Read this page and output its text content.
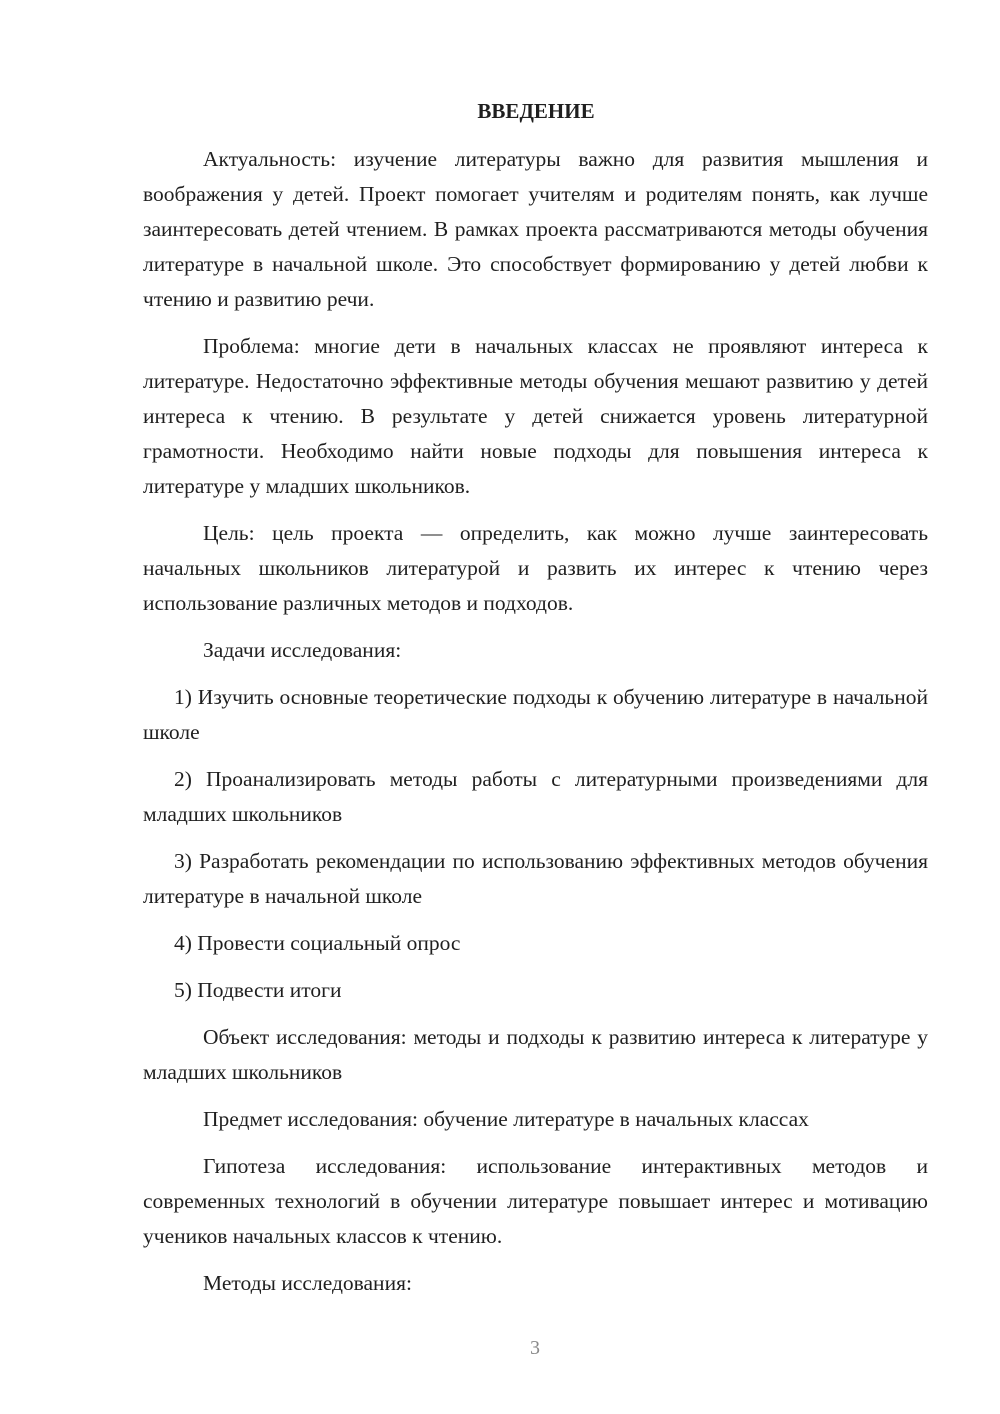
ВВЕДЕНИЕ

Актуальность: изучение литературы важно для развития мышления и воображения у детей. Проект помогает учителям и родителям понять, как лучше заинтересовать детей чтением. В рамках проекта рассматриваются методы обучения литературе в начальной школе. Это способствует формированию у детей любви к чтению и развитию речи.

Проблема: многие дети в начальных классах не проявляют интереса к литературе. Недостаточно эффективные методы обучения мешают развитию у детей интереса к чтению. В результате у детей снижается уровень литературной грамотности. Необходимо найти новые подходы для повышения интереса к литературе у младших школьников.

Цель: цель проекта — определить, как можно лучше заинтересовать начальных школьников литературой и развить их интерес к чтению через использование различных методов и подходов.

Задачи исследования:

1) Изучить основные теоретические подходы к обучению литературе в начальной школе

2) Проанализировать методы работы с литературными произведениями для младших школьников

3) Разработать рекомендации по использованию эффективных методов обучения литературе в начальной школе

4) Провести социальный опрос

5) Подвести итоги

Объект исследования: методы и подходы к развитию интереса к литературе у младших школьников

Предмет исследования: обучение литературе в начальных классах

Гипотеза исследования: использование интерактивных методов и современных технологий в обучении литературе повышает интерес и мотивацию учеников начальных классов к чтению.

Методы исследования:

3
